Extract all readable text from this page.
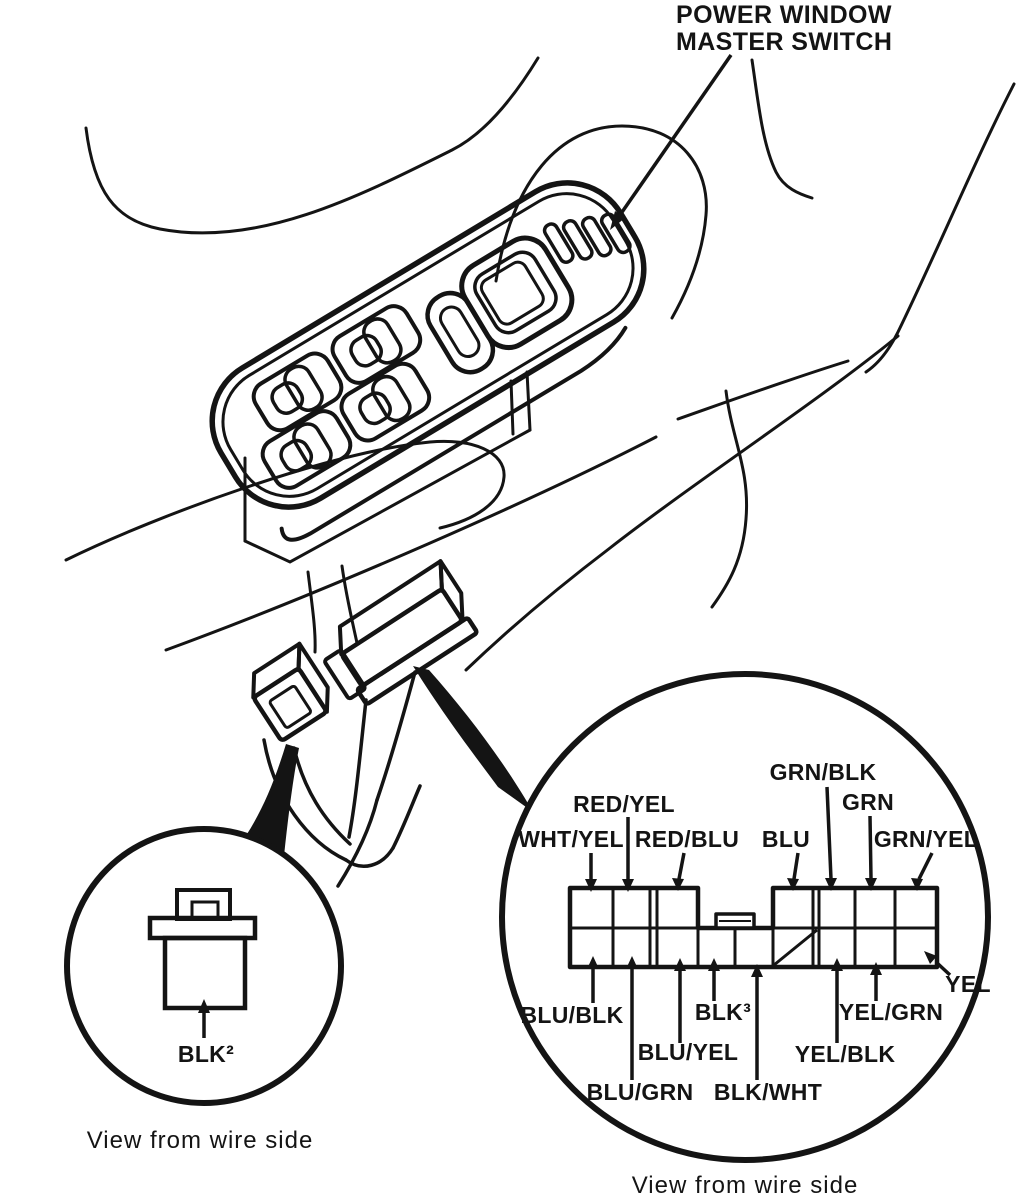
BLK²
View from wire side
WHT/YEL
RED/YEL
RED/BLU BLU
GRN/BLK
GRN
GRN/YEL
BLU/BLK
BLU/GRN
BLU/YEL
BLK³
BLK/WHT
YEL/BLK
YEL/GRN
YEL
View from wire side
POWER WINDOW
MASTER SWITCH
